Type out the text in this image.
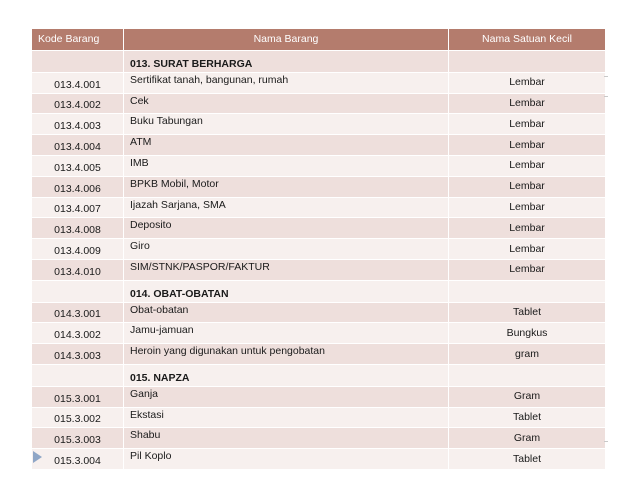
Kode Barang	Nama Barang	Nama Satuan Kecil
	013. SURAT BERHARGA	
013.4.001	Sertifikat tanah, bangunan, rumah	Lembar
013.4.002	Cek	Lembar
013.4.003	Buku Tabungan	Lembar
013.4.004	ATM	Lembar
013.4.005	IMB	Lembar
013.4.006	BPKB Mobil, Motor	Lembar
013.4.007	Ijazah Sarjana, SMA	Lembar
013.4.008	Deposito	Lembar
013.4.009	Giro	Lembar
013.4.010	SIM/STNK/PASPOR/FAKTUR	Lembar
	014. OBAT-OBATAN	
014.3.001	Obat-obatan	Tablet
014.3.002	Jamu-jamuan	Bungkus
014.3.003	Heroin yang digunakan untuk pengobatan	gram
	015. NAPZA	
015.3.001	Ganja	Gram
015.3.002	Ekstasi	Tablet
015.3.003	Shabu	Gram
015.3.004	Pil Koplo	Tablet
